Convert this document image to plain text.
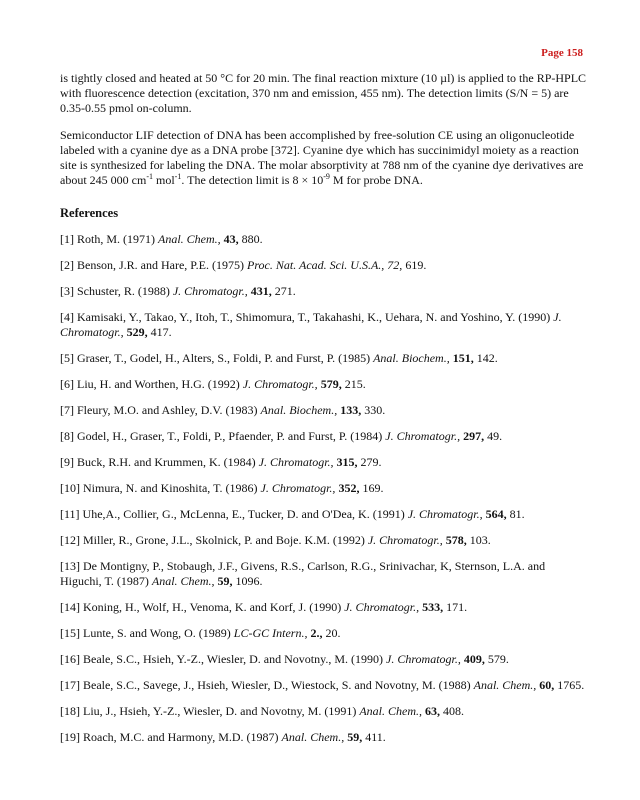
Page 158

is tightly closed and heated at 50 °C for 20 min. The final reaction mixture (10 µl) is applied to the RP-HPLC with fluorescence detection (excitation, 370 nm and emission, 455 nm). The detection limits (S/N = 5) are 0.35-0.55 pmol on-column.

Semiconductor LIF detection of DNA has been accomplished by free-solution CE using an oligonucleotide labeled with a cyanine dye as a DNA probe [372]. Cyanine dye which has succinimidyl moiety as a reaction site is synthesized for labeling the DNA. The molar absorptivity at 788 nm of the cyanine dye derivatives are about 245 000 $cm^{-1}$ mol$^{-1}$. The detection limit is $8 \times 10^{-9}$ M for probe DNA.

References

[1] Roth, M. (1971) Anal. Chem., 43, 880.

[2] Benson, J.R. and Hare, P.E. (1975) Proc. Nat. Acad. Sci. U.S.A., 72, 619.

[3] Schuster, R. (1988) J. Chromatogr., 431, 271.

[4] Kamisaki, Y., Takao, Y., Itoh, T., Shimomura, T., Takahashi, K., Uehara, N. and Yoshino, Y. (1990) J. Chromatogr., 529, 417.

[5] Graser, T., Godel, H., Alters, S., Foldi, P. and Furst, P. (1985) Anal. Biochem., 151, 142.

[6] Liu, H. and Worthen, H.G. (1992) J. Chromatogr., 579, 215.

[7] Fleury, M.O. and Ashley, D.V. (1983) Anal. Biochem., 133, 330.

[8] Godel, H., Graser, T., Foldi, P., Pfaender, P. and Furst, P. (1984) J. Chromatogr., 297, 49.

[9] Buck, R.H. and Krummen, K. (1984) J. Chromatogr., 315, 279.

[10] Nimura, N. and Kinoshita, T. (1986) J. Chromatogr., 352, 169.

[11] Uhe,A., Collier, G., McLenna, E., Tucker, D. and O'Dea, K. (1991) J. Chromatogr., 564, 81.

[12] Miller, R., Grone, J.L., Skolnick, P. and Boje. K.M. (1992) J. Chromatogr., 578, 103.

[13] De Montigny, P., Stobaugh, J.F., Givens, R.S., Carlson, R.G., Srinivachar, K, Sternson, L.A. and Higuchi, T. (1987) Anal. Chem., 59, 1096.

[14] Koning, H., Wolf, H., Venoma, K. and Korf, J. (1990) J. Chromatogr., 533, 171.

[15] Lunte, S. and Wong, O. (1989) LC-GC Intern., 2., 20.

[16] Beale, S.C., Hsieh, Y.-Z., Wiesler, D. and Novotny., M. (1990) J. Chromatogr., 409, 579.

[17] Beale, S.C., Savege, J., Hsieh, Wiesler, D., Wiestock, S. and Novotny, M. (1988) Anal. Chem., 60, 1765.

[18] Liu, J., Hsieh, Y.-Z., Wiesler, D. and Novotny, M. (1991) Anal. Chem., 63, 408.

[19] Roach, M.C. and Harmony, M.D. (1987) Anal. Chem., 59, 411.
